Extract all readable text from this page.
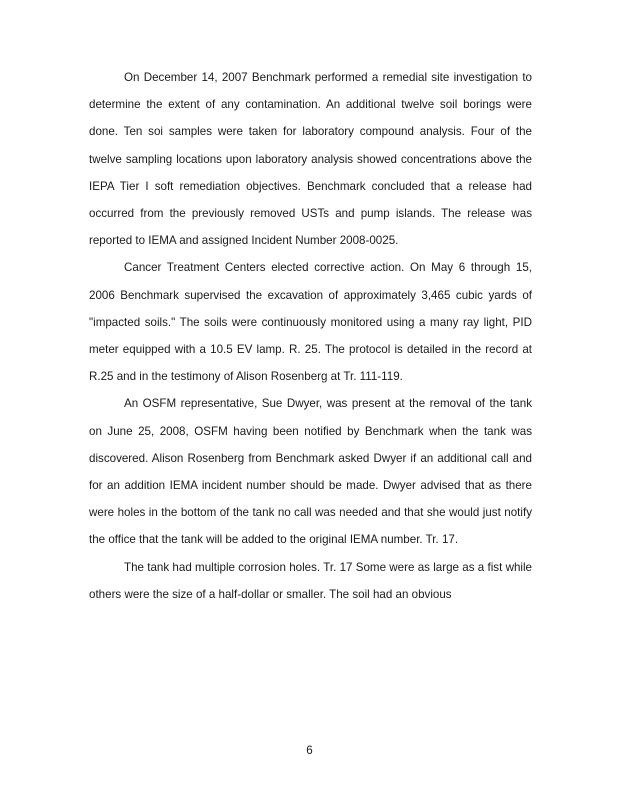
On December 14, 2007 Benchmark performed a remedial site investigation to determine the extent of any contamination. An additional twelve soil borings were done. Ten soi samples were taken for laboratory compound analysis. Four of the twelve sampling locations upon laboratory analysis showed concentrations above the IEPA Tier I soft remediation objectives. Benchmark concluded that a release had occurred from the previously removed USTs and pump islands. The release was reported to IEMA and assigned Incident Number 2008-0025.

Cancer Treatment Centers elected corrective action. On May 6 through 15, 2006 Benchmark supervised the excavation of approximately 3,465 cubic yards of "impacted soils." The soils were continuously monitored using a many ray light, PID meter equipped with a 10.5 EV lamp. R. 25. The protocol is detailed in the record at R.25 and in the testimony of Alison Rosenberg at Tr. 111-119.

An OSFM representative, Sue Dwyer, was present at the removal of the tank on June 25, 2008, OSFM having been notified by Benchmark when the tank was discovered. Alison Rosenberg from Benchmark asked Dwyer if an additional call and for an addition IEMA incident number should be made. Dwyer advised that as there were holes in the bottom of the tank no call was needed and that she would just notify the office that the tank will be added to the original IEMA number. Tr. 17.

The tank had multiple corrosion holes. Tr. 17 Some were as large as a fist while others were the size of a half-dollar or smaller. The soil had an obvious

6
